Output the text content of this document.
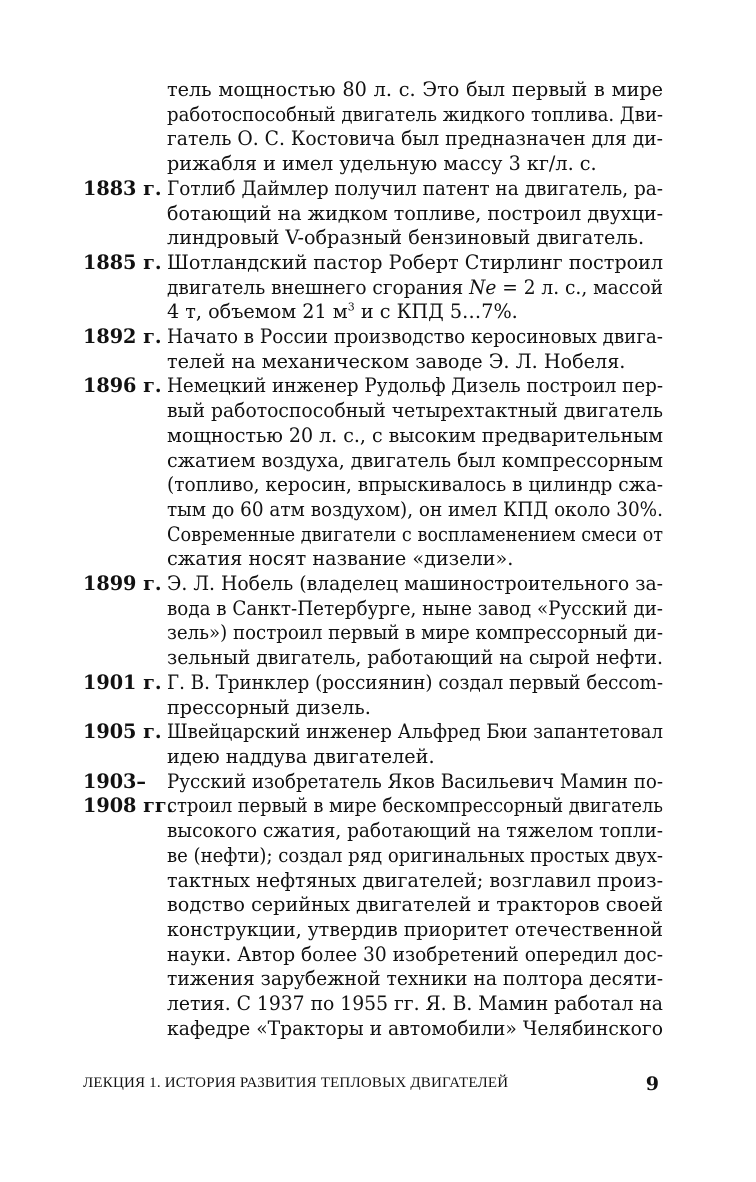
тель мощностью 80 л. с. Это был первый в мире
работоспособный двигатель жидкого топлива. Дви-
гатель О. С. Костовича был предназначен для ди-
рижабля и имел удельную массу 3 кг/л. с.
1883 г. Готлиб Даймлер получил патент на двигатель, ра-
ботающий на жидком топливе, построил двухци-
линдровый V-образный бензиновый двигатель.
1885 г. Шотландский пастор Роберт Стирлинг построил
двигатель внешнего сгорания Ne = 2 л. с., массой
4 т, объемом 21 $м^3$ и с КПД 5…7%.
1892 г. Начато в России производство керосиновых двига-
телей на механическом заводе Э. Л. Нобеля.
1896 г. Немецкий инженер Рудольф Дизель построил пер-
вый работоспособный четырехтактный двигатель
мощностью 20 л. с., с высоким предварительным
сжатием воздуха, двигатель был компрессорным
(топливо, керосин, впрыскивалось в цилиндр сжа-
тым до 60 атм воздухом), он имел КПД около 30%.
Современные двигатели с воспламенением смеси от
сжатия носят название «дизели».
1899 г. Э. Л. Нобель (владелец машиностроительного за-
вода в Санкт-Петербурге, ныне завод «Русский ди-
зель») построил первый в мире компрессорный ди-
зельный двигатель, работающий на сырой нефти.
1901 г. Г. В. Тринклер (россиянин) создал первый бесcom-
прессорный дизель.
1905 г. Швейцарский инженер Альфред Бюи запантетовал
идею наддува двигателей.
1903–
1908 гг.
Русский изобретатель Яков Васильевич Мамин по-
строил первый в мире бескомпрессорный двигатель
высокого сжатия, работающий на тяжелом топли-
ве (нефти); создал ряд оригинальных простых двух-
тактных нефтяных двигателей; возглавил произ-
водство серийных двигателей и тракторов своей
конструкции, утвердив приоритет отечественной
науки. Автор более 30 изобретений опередил дос-
тижения зарубежной техники на полтора десяти-
летия. С 1937 по 1955 гг. Я. В. Мамин работал на
кафедре «Тракторы и автомобили» Челябинского
ЛЕКЦИЯ 1. ИСТОРИЯ РАЗВИТИЯ ТЕПЛОВЫХ ДВИГАТЕЛЕЙ	9
